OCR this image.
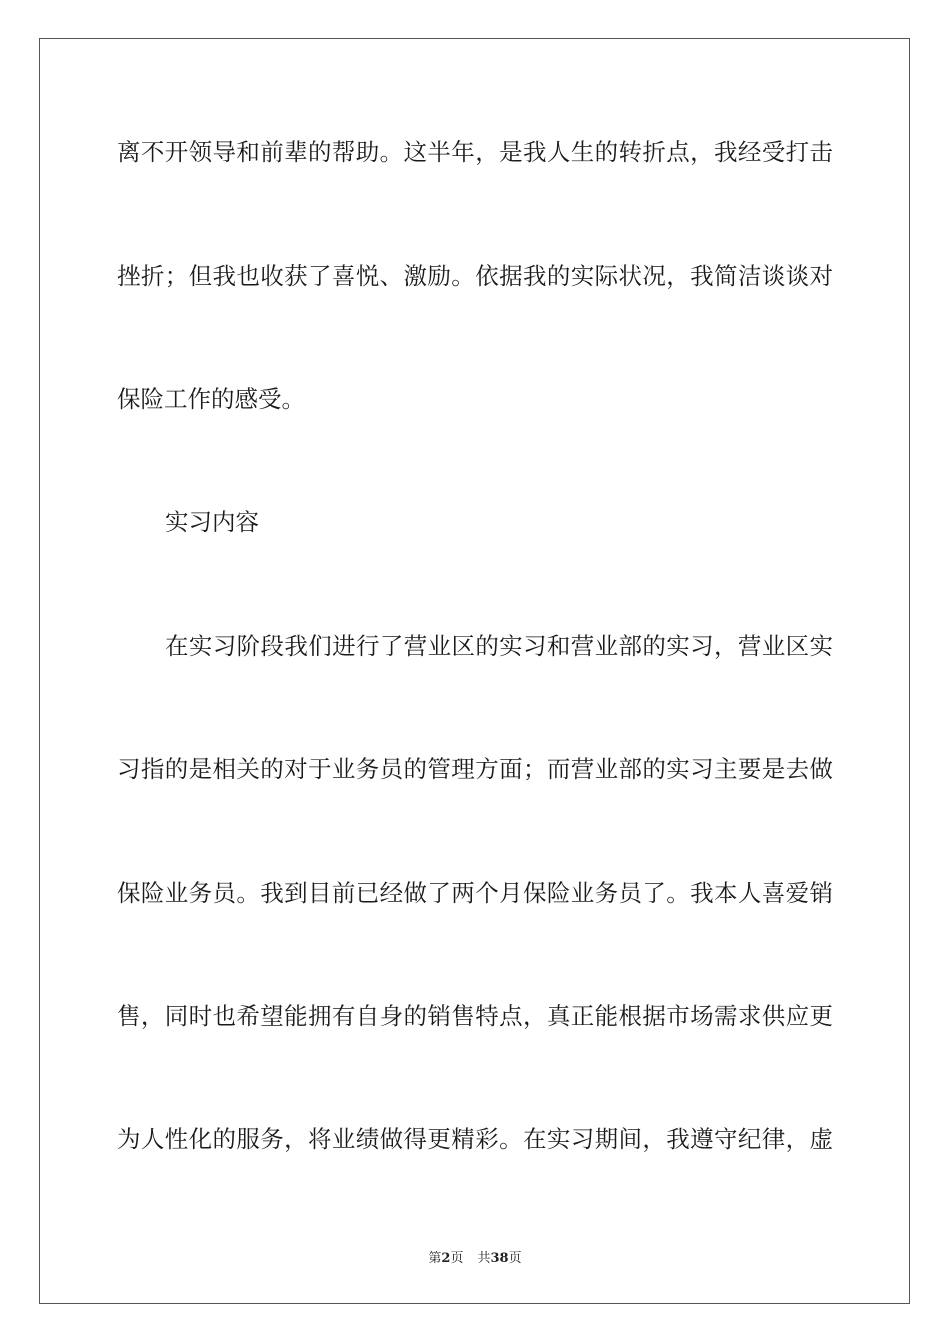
离不开领导和前辈的帮助。这半年，是我人生的转折点，我经受打击
挫折；但我也收获了喜悦、激励。依据我的实际状况，我简洁谈谈对
保险工作的感受。
实习内容
在实习阶段我们进行了营业区的实习和营业部的实习，营业区实
习指的是相关的对于业务员的管理方面；而营业部的实习主要是去做
保险业务员。我到目前已经做了两个月保险业务员了。我本人喜爱销
售，同时也希望能拥有自身的销售特点，真正能根据市场需求供应更
为人性化的服务，将业绩做得更精彩。在实习期间，我遵守纪律，虚
第2页 共38页
